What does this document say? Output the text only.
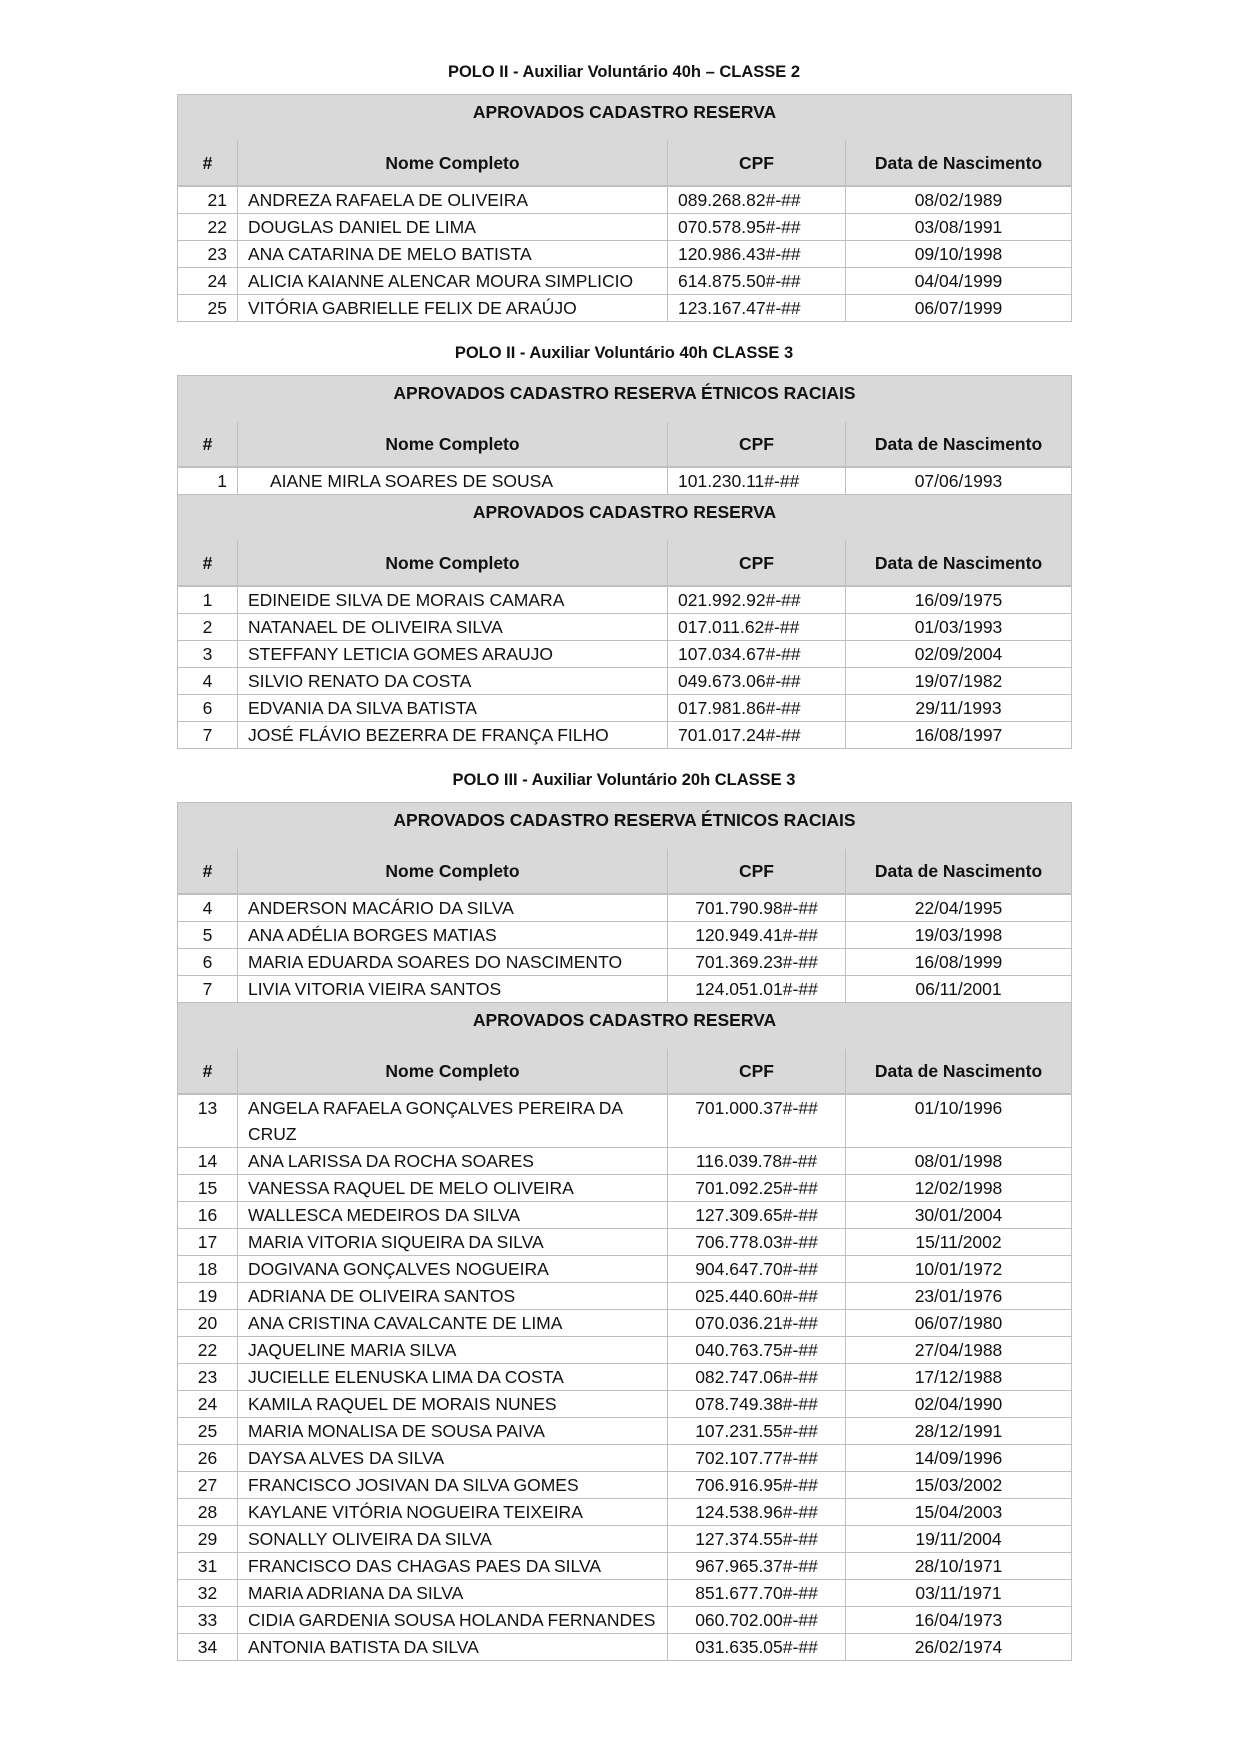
POLO II - Auxiliar Voluntário 40h – CLASSE 2

APROVADOS CADASTRO RESERVA			
#	Nome Completo	CPF	Data de Nascimento
21	ANDREZA RAFAELA DE OLIVEIRA	089.268.82#-##	08/02/1989
22	DOUGLAS DANIEL DE LIMA	070.578.95#-##	03/08/1991
23	ANA CATARINA DE MELO BATISTA	120.986.43#-##	09/10/1998
24	ALICIA KAIANNE ALENCAR MOURA SIMPLICIO	614.875.50#-##	04/04/1999
25	VITÓRIA GABRIELLE FELIX DE ARAÚJO	123.167.47#-##	06/07/1999

POLO II - Auxiliar Voluntário 40h CLASSE 3

APROVADOS CADASTRO RESERVA ÉTNICOS RACIAIS			
#	Nome Completo	CPF	Data de Nascimento
1	AIANE MIRLA SOARES DE SOUSA	101.230.11#-##	07/06/1993
APROVADOS CADASTRO RESERVA			
#	Nome Completo	CPF	Data de Nascimento
1	EDINEIDE SILVA DE MORAIS CAMARA	021.992.92#-##	16/09/1975
2	NATANAEL DE OLIVEIRA SILVA	017.011.62#-##	01/03/1993
3	STEFFANY LETICIA GOMES ARAUJO	107.034.67#-##	02/09/2004
4	SILVIO RENATO DA COSTA	049.673.06#-##	19/07/1982
6	EDVANIA DA SILVA BATISTA	017.981.86#-##	29/11/1993
7	JOSÉ FLÁVIO BEZERRA DE FRANÇA FILHO	701.017.24#-##	16/08/1997

POLO III - Auxiliar Voluntário 20h CLASSE 3

APROVADOS CADASTRO RESERVA ÉTNICOS RACIAIS			
#	Nome Completo	CPF	Data de Nascimento
4	ANDERSON MACÁRIO DA SILVA	701.790.98#-##	22/04/1995
5	ANA ADÉLIA BORGES MATIAS	120.949.41#-##	19/03/1998
6	MARIA EDUARDA SOARES DO NASCIMENTO	701.369.23#-##	16/08/1999
7	LIVIA VITORIA VIEIRA SANTOS	124.051.01#-##	06/11/2001
APROVADOS CADASTRO RESERVA			
#	Nome Completo	CPF	Data de Nascimento
13	ANGELA RAFAELA GONÇALVES PEREIRA DA CRUZ	701.000.37#-##	01/10/1996
14	ANA LARISSA DA ROCHA SOARES	116.039.78#-##	08/01/1998
15	VANESSA RAQUEL DE MELO OLIVEIRA	701.092.25#-##	12/02/1998
16	WALLESCA MEDEIROS DA SILVA	127.309.65#-##	30/01/2004
17	MARIA VITORIA SIQUEIRA DA SILVA	706.778.03#-##	15/11/2002
18	DOGIVANA GONÇALVES NOGUEIRA	904.647.70#-##	10/01/1972
19	ADRIANA DE OLIVEIRA SANTOS	025.440.60#-##	23/01/1976
20	ANA CRISTINA CAVALCANTE DE LIMA	070.036.21#-##	06/07/1980
22	JAQUELINE MARIA SILVA	040.763.75#-##	27/04/1988
23	JUCIELLE ELENUSKA LIMA DA COSTA	082.747.06#-##	17/12/1988
24	KAMILA RAQUEL DE MORAIS NUNES	078.749.38#-##	02/04/1990
25	MARIA MONALISA DE SOUSA PAIVA	107.231.55#-##	28/12/1991
26	DAYSA ALVES DA SILVA	702.107.77#-##	14/09/1996
27	FRANCISCO JOSIVAN DA SILVA GOMES	706.916.95#-##	15/03/2002
28	KAYLANE VITÓRIA NOGUEIRA TEIXEIRA	124.538.96#-##	15/04/2003
29	SONALLY OLIVEIRA DA SILVA	127.374.55#-##	19/11/2004
31	FRANCISCO DAS CHAGAS PAES DA SILVA	967.965.37#-##	28/10/1971
32	MARIA ADRIANA DA SILVA	851.677.70#-##	03/11/1971
33	CIDIA GARDENIA SOUSA HOLANDA FERNANDES	060.702.00#-##	16/04/1973
34	ANTONIA BATISTA DA SILVA	031.635.05#-##	26/02/1974
